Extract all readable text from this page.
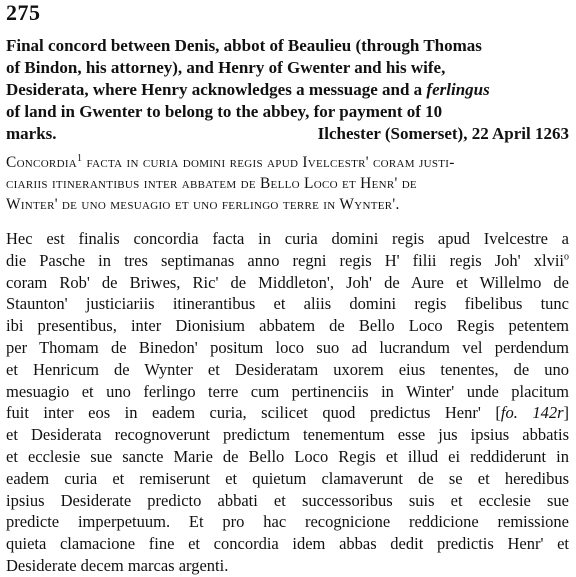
275
Final concord between Denis, abbot of Beaulieu (through Thomas
of Bindon, his attorney), and Henry of Gwenter and his wife,
Desiderata, where Henry acknowledges a messuage and a ferlingus
of land in Gwenter to belong to the abbey, for payment of 10
marks.	Ilchester (Somerset), 22 April 1263
Concordia$^1$ facta in curia domini regis apud Ivelcestr' coram justi-
ciariis itinerantibus inter abbatem de Bello Loco et Henr' de
Winter' de uno mesuagio et uno ferlingo terre in Wynter'.
Hec est finalis concordia facta in curia domini regis apud Ivelcestre a
die Pasche in tres septimanas anno regni regis H' filii regis Joh' xlvii$^o$
coram Rob' de Briwes, Ric' de Middleton', Joh' de Aure et Willelmo de
Staunton' justiciariis itinerantibus et aliis domini regis fibelibus tunc
ibi presentibus, inter Dionisium abbatem de Bello Loco Regis petentem
per Thomam de Binedon' positum loco suo ad lucrandum vel perdendum
et Henricum de Wynter et Desideratam uxorem eius tenentes, de uno
mesuagio et uno ferlingo terre cum pertinenciis in Winter' unde placitum
fuit inter eos in eadem curia, scilicet quod predictus Henr' [fo. 142r]
et Desiderata recognoverunt predictum tenementum esse jus ipsius abbatis
et ecclesie sue sancte Marie de Bello Loco Regis et illud ei reddiderunt in
eadem curia et remiserunt et quietum clamaverunt de se et heredibus
ipsius Desiderate predicto abbati et successoribus suis et ecclesie sue
predicte imperpetuum. Et pro hac recognicione reddicione remissione
quieta clamacione fine et concordia idem abbas dedit predictis Henr' et
Desiderate decem marcas argenti.
